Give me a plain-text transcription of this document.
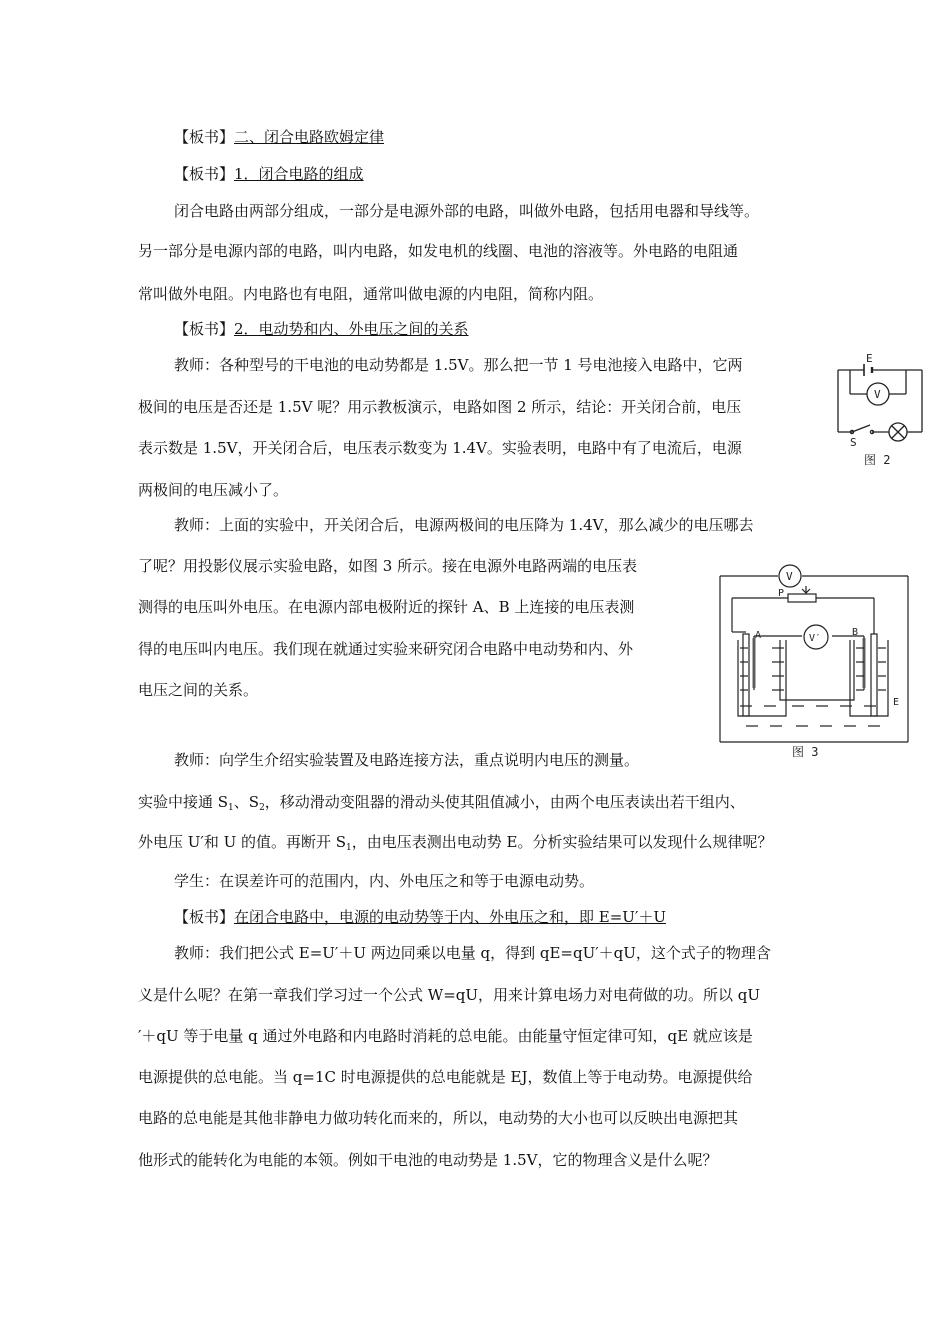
【板书】二、闭合电路欧姆定律
【板书】1．闭合电路的组成
闭合电路由两部分组成，一部分是电源外部的电路，叫做外电路，包括用电器和导线等。
另一部分是电源内部的电路，叫内电路，如发电机的线圈、电池的溶液等。外电路的电阻通
常叫做外电阻。内电路也有电阻，通常叫做电源的内电阻，简称内阻。
【板书】2．电动势和内、外电压之间的关系
教师：各种型号的干电池的电动势都是 1.5V。那么把一节 1 号电池接入电路中，它两
极间的电压是否还是 1.5V 呢？用示教板演示，电路如图 2 所示，结论：开关闭合前，电压
表示数是 1.5V，开关闭合后，电压表示数变为 1.4V。实验表明，电路中有了电流后，电源
两极间的电压减小了。
教师：上面的实验中，开关闭合后，电源两极间的电压降为 1.4V，那么减少的电压哪去
了呢？用投影仪展示实验电路，如图 3 所示。接在电源外电路两端的电压表
测得的电压叫外电压。在电源内部电极附近的探针 A、B 上连接的电压表测
得的电压叫内电压。我们现在就通过实验来研究闭合电路中电动势和内、外
电压之间的关系。
教师：向学生介绍实验装置及电路连接方法，重点说明内电压的测量。
实验中接通 $S_1$、$S_2$，移动滑动变阻器的滑动头使其阻值减小，由两个电压表读出若干组内、
外电压 U′和 U 的值。再断开 $S_1$，由电压表测出电动势 E。分析实验结果可以发现什么规律呢？
学生：在误差许可的范围内，内、外电压之和等于电源电动势。
【板书】在闭合电路中，电源的电动势等于内、外电压之和，即 E=U′＋U
教师：我们把公式 E=U′＋U 两边同乘以电量 q，得到 qE=qU′＋qU，这个式子的物理含
义是什么呢？在第一章我们学习过一个公式 W=qU，用来计算电场力对电荷做的功。所以 qU
′＋qU 等于电量 q 通过外电路和内电路时消耗的总电能。由能量守恒定律可知，qE 就应该是
电源提供的总电能。当 q=1C 时电源提供的总电能就是 EJ，数值上等于电动势。电源提供给
电路的总电能是其他非静电力做功转化而来的，所以，电动势的大小也可以反映出电源把其
他形式的能转化为电能的本领。例如干电池的电动势是 1.5V，它的物理含义是什么呢？
E
V
S
图 2
V
V′
P
A	B
E
图 3
